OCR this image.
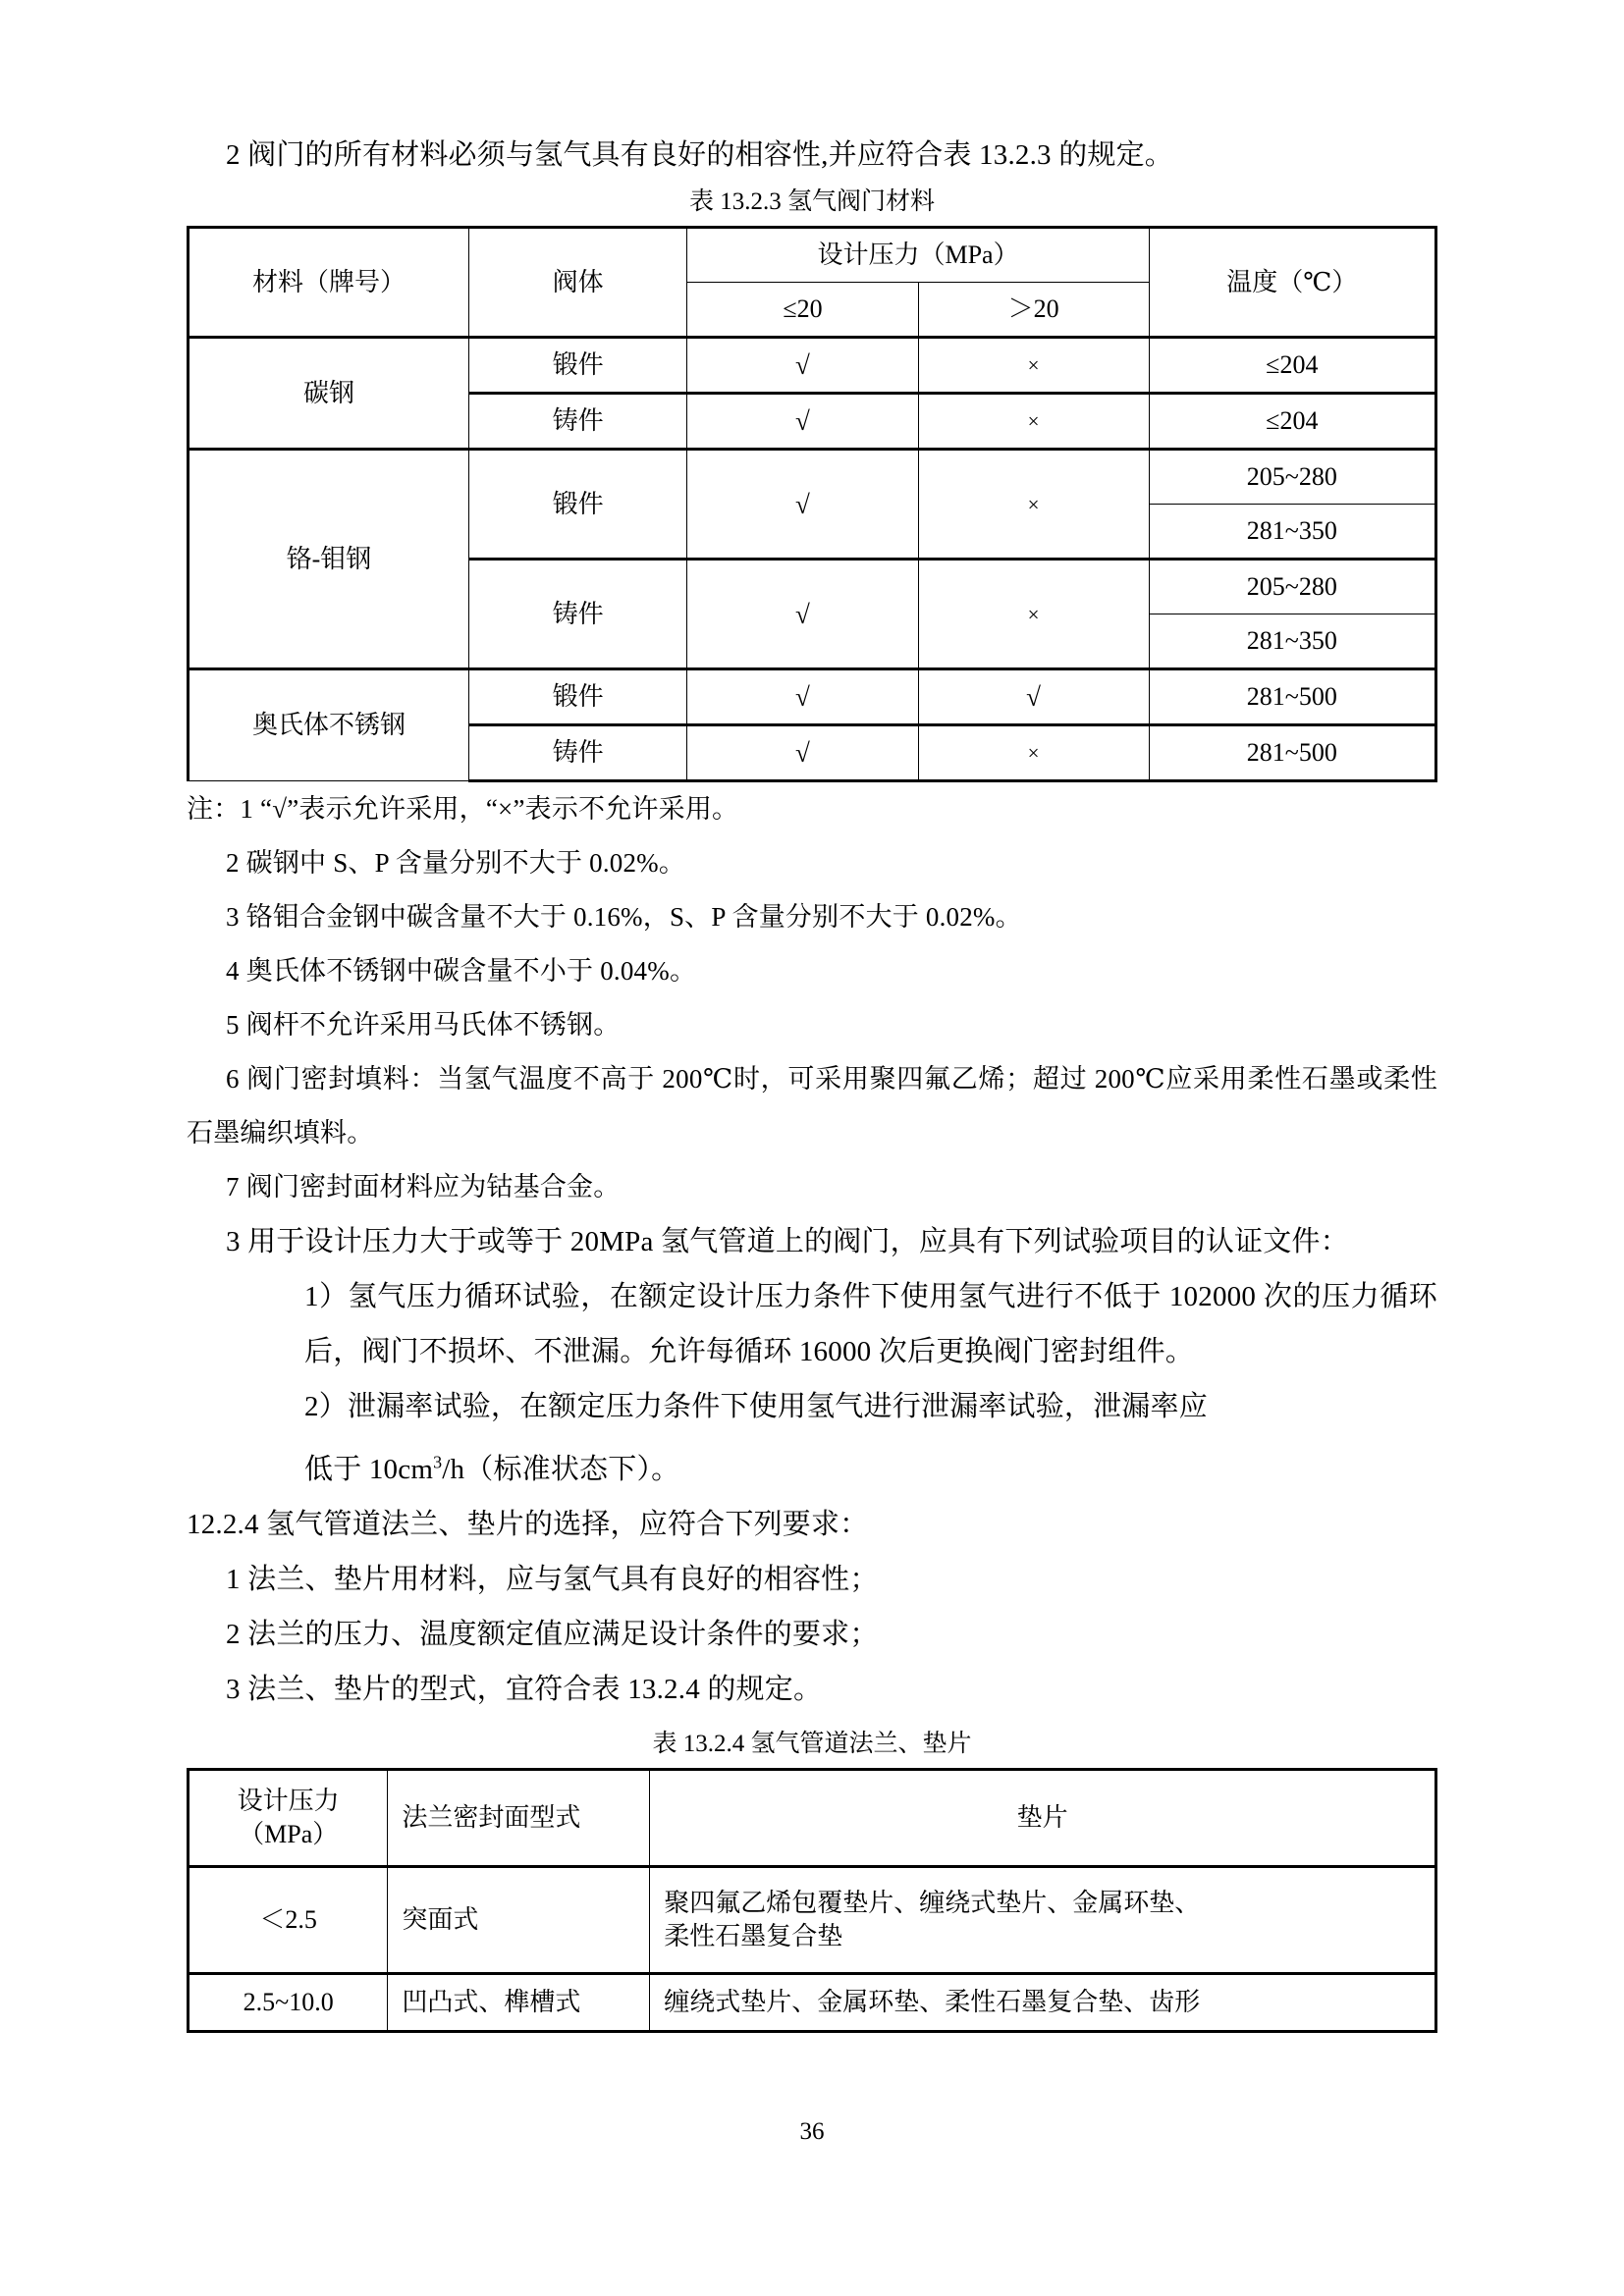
2 阀门的所有材料必须与氢气具有良好的相容性,并应符合表 13.2.3 的规定。

表 13.2.3 氢气阀门材料

材料（牌号）	阀体	设计压力（MPa）		温度（℃）
		≤20	＞20	
碳钢	锻件	√	×	≤204
	铸件	√	×	≤204
铬-钼钢	锻件	√	×	205~280
				281~350
	铸件	√	×	205~280
				281~350
奥氏体不锈钢	锻件	√	√	281~500
	铸件	√	×	281~500

注：1 “√”表示允许采用，“×”表示不允许采用。

2 碳钢中 S、P 含量分别不大于 0.02%。

3 铬钼合金钢中碳含量不大于 0.16%，S、P 含量分别不大于 0.02%。

4 奥氏体不锈钢中碳含量不小于 0.04%。

5 阀杆不允许采用马氏体不锈钢。

6 阀门密封填料：当氢气温度不高于 200℃时，可采用聚四氟乙烯；超过 200℃应采用柔性石墨或柔性石墨编织填料。

7 阀门密封面材料应为钴基合金。

3 用于设计压力大于或等于 20MPa 氢气管道上的阀门，应具有下列试验项目的认证文件：

1）氢气压力循环试验，在额定设计压力条件下使用氢气进行不低于 102000 次的压力循环后，阀门不损坏、不泄漏。允许每循环 16000 次后更换阀门密封组件。

2）泄漏率试验，在额定压力条件下使用氢气进行泄漏率试验，泄漏率应
低于 $10cm^3/h$（标准状态下）。

12.2.4 氢气管道法兰、垫片的选择，应符合下列要求：

1 法兰、垫片用材料，应与氢气具有良好的相容性；

2 法兰的压力、温度额定值应满足设计条件的要求；

3 法兰、垫片的型式，宜符合表 13.2.4 的规定。

表 13.2.4 氢气管道法兰、垫片

设计压力
（MPa）	法兰密封面型式	垫片
＜2.5	突面式	聚四氟乙烯包覆垫片、缠绕式垫片、金属环垫、
柔性石墨复合垫
2.5~10.0	凹凸式、榫槽式	缠绕式垫片、金属环垫、柔性石墨复合垫、齿形
36
